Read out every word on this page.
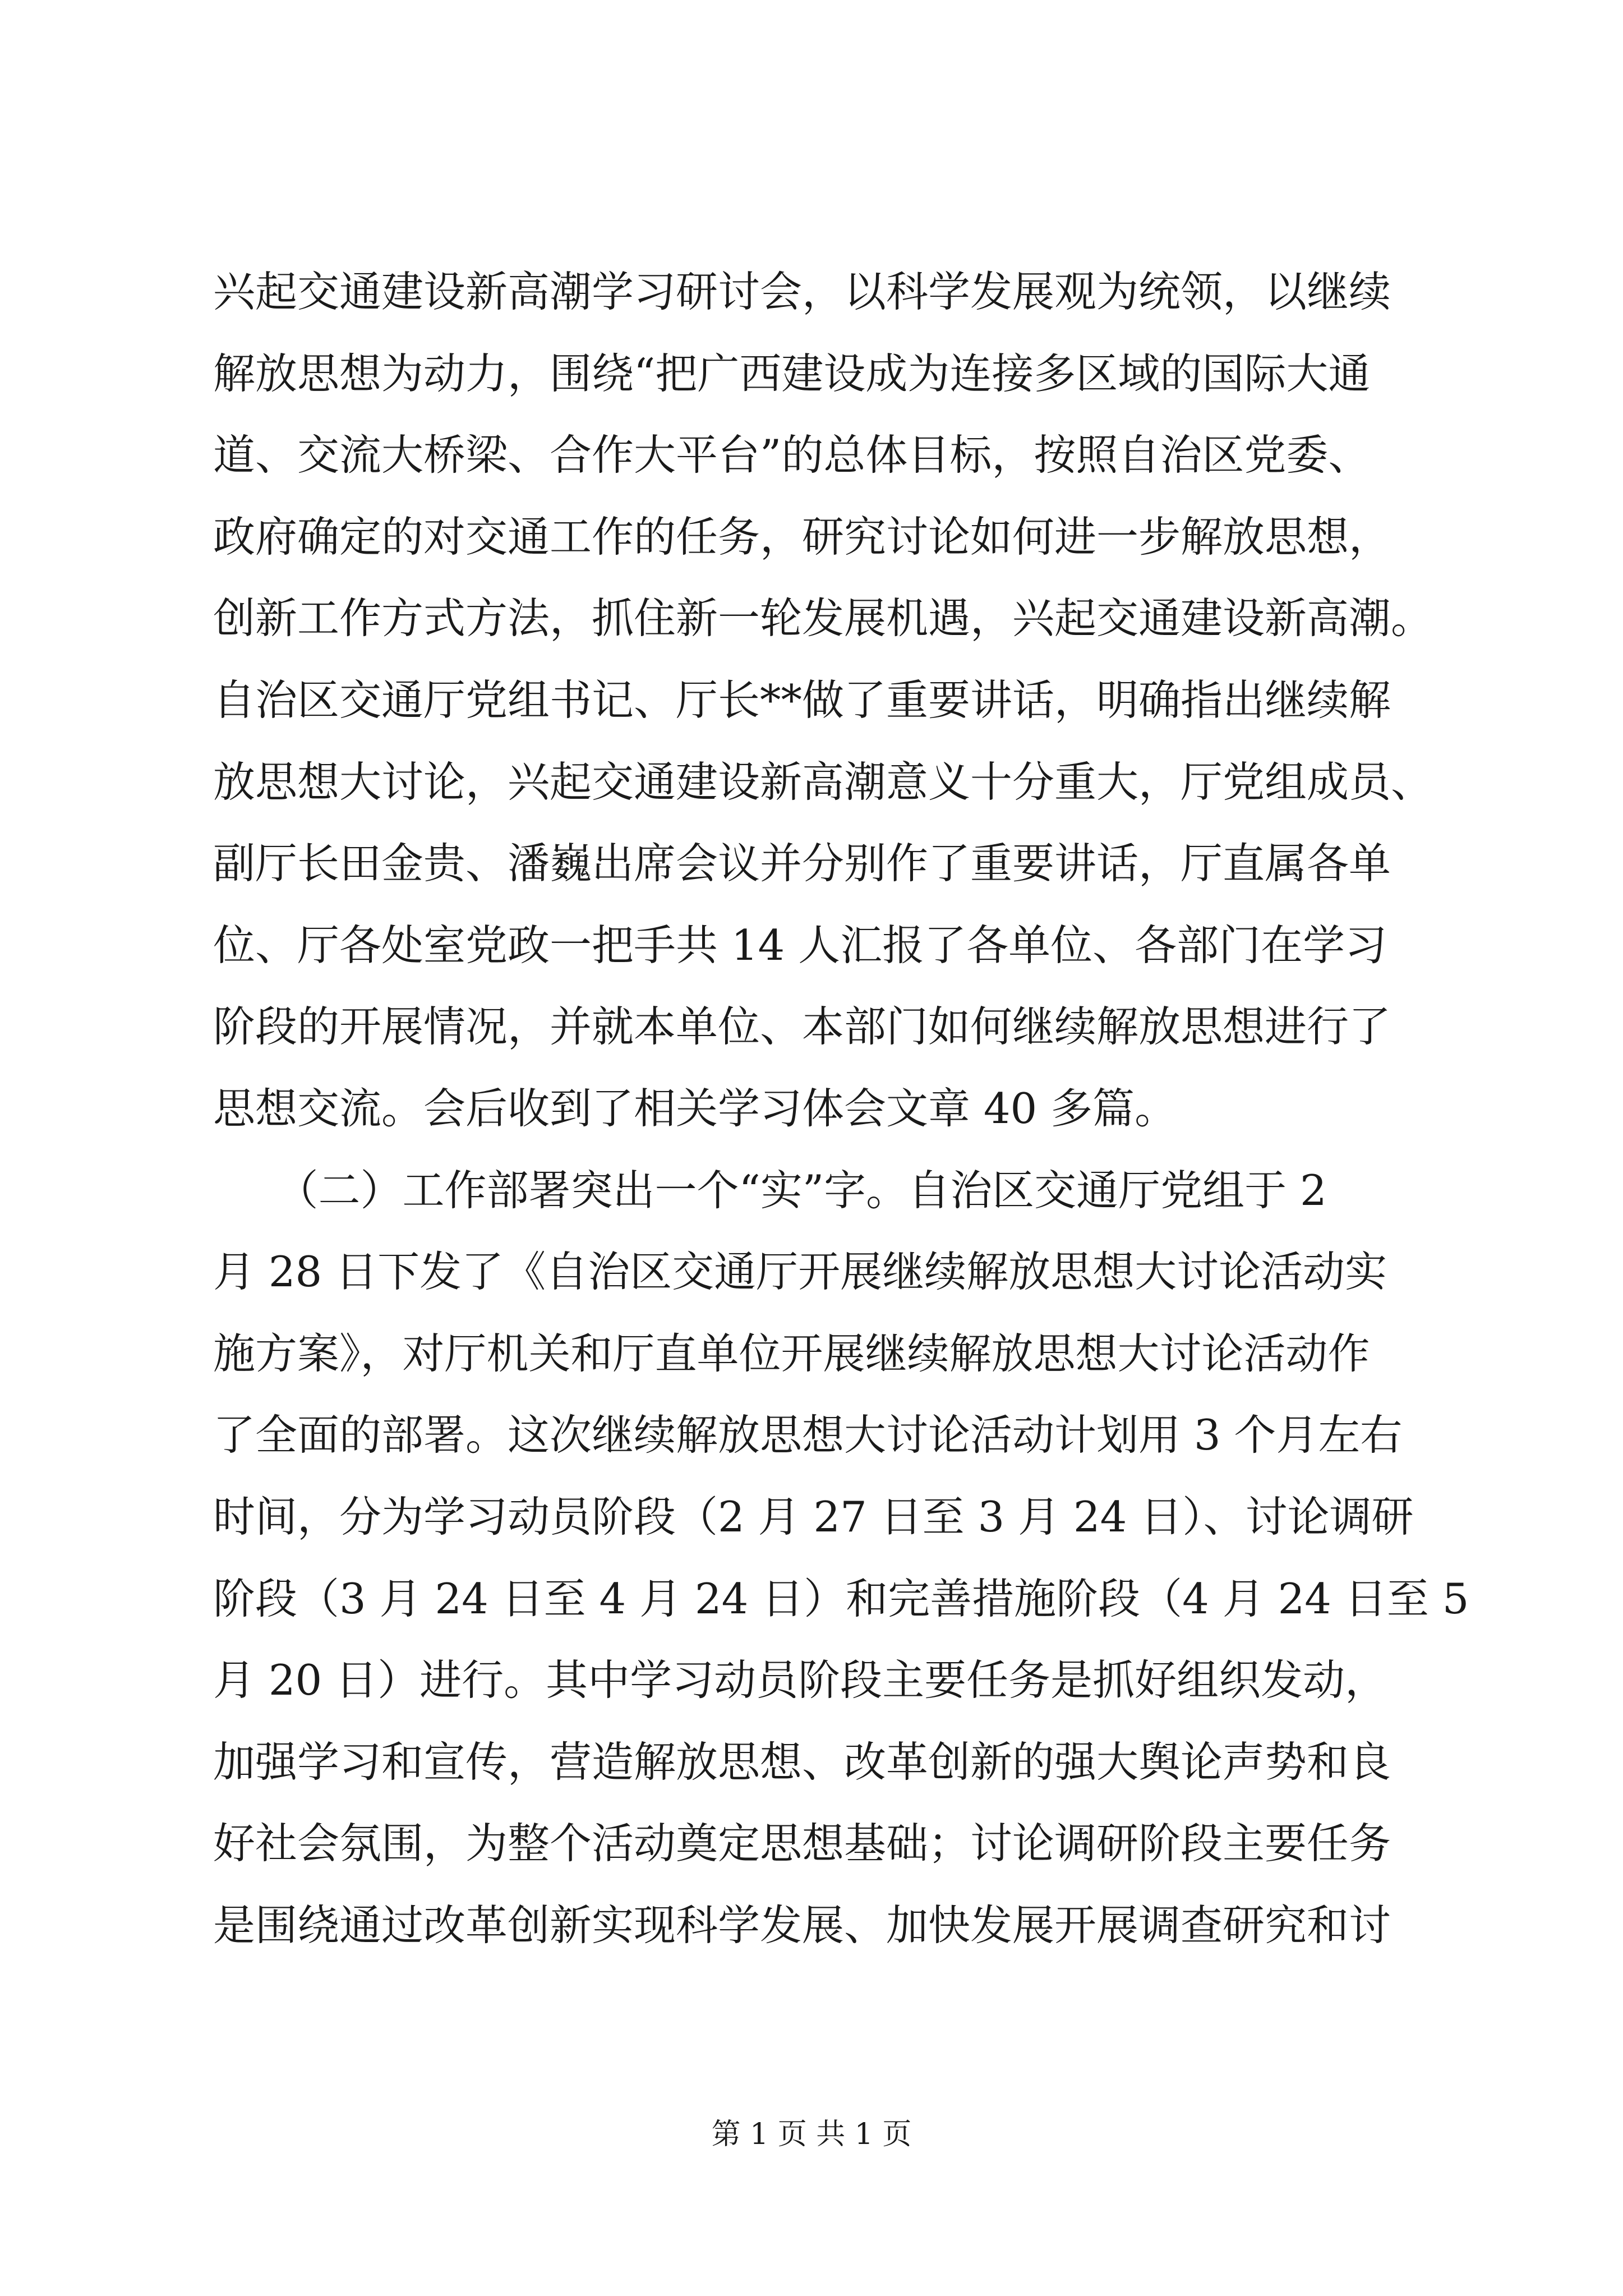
兴起交通建设新高潮学习研讨会，以科学发展观为统领，以继续
解放思想为动力，围绕“把广西建设成为连接多区域的国际大通
道、交流大桥梁、合作大平台”的总体目标，按照自治区党委、
政府确定的对交通工作的任务，研究讨论如何进一步解放思想，
创新工作方式方法，抓住新一轮发展机遇，兴起交通建设新高潮。
自治区交通厅党组书记、厅长**做了重要讲话，明确指出继续解
放思想大讨论，兴起交通建设新高潮意义十分重大，厅党组成员、
副厅长田金贵、潘巍出席会议并分别作了重要讲话，厅直属各单
位、厅各处室党政一把手共 14 人汇报了各单位、各部门在学习
阶段的开展情况，并就本单位、本部门如何继续解放思想进行了
思想交流。会后收到了相关学习体会文章 40 多篇。
　　（二）工作部署突出一个“实”字。自治区交通厅党组于 2
月 28 日下发了《自治区交通厅开展继续解放思想大讨论活动实
施方案》，对厅机关和厅直单位开展继续解放思想大讨论活动作
了全面的部署。这次继续解放思想大讨论活动计划用 3 个月左右
时间，分为学习动员阶段（2 月 27 日至 3 月 24 日）、讨论调研
阶段（3 月 24 日至 4 月 24 日）和完善措施阶段（4 月 24 日至 5
月 20 日）进行。其中学习动员阶段主要任务是抓好组织发动，
加强学习和宣传，营造解放思想、改革创新的强大舆论声势和良
好社会氛围，为整个活动奠定思想基础；讨论调研阶段主要任务
是围绕通过改革创新实现科学发展、加快发展开展调查研究和讨
第 1 页 共 1 页
